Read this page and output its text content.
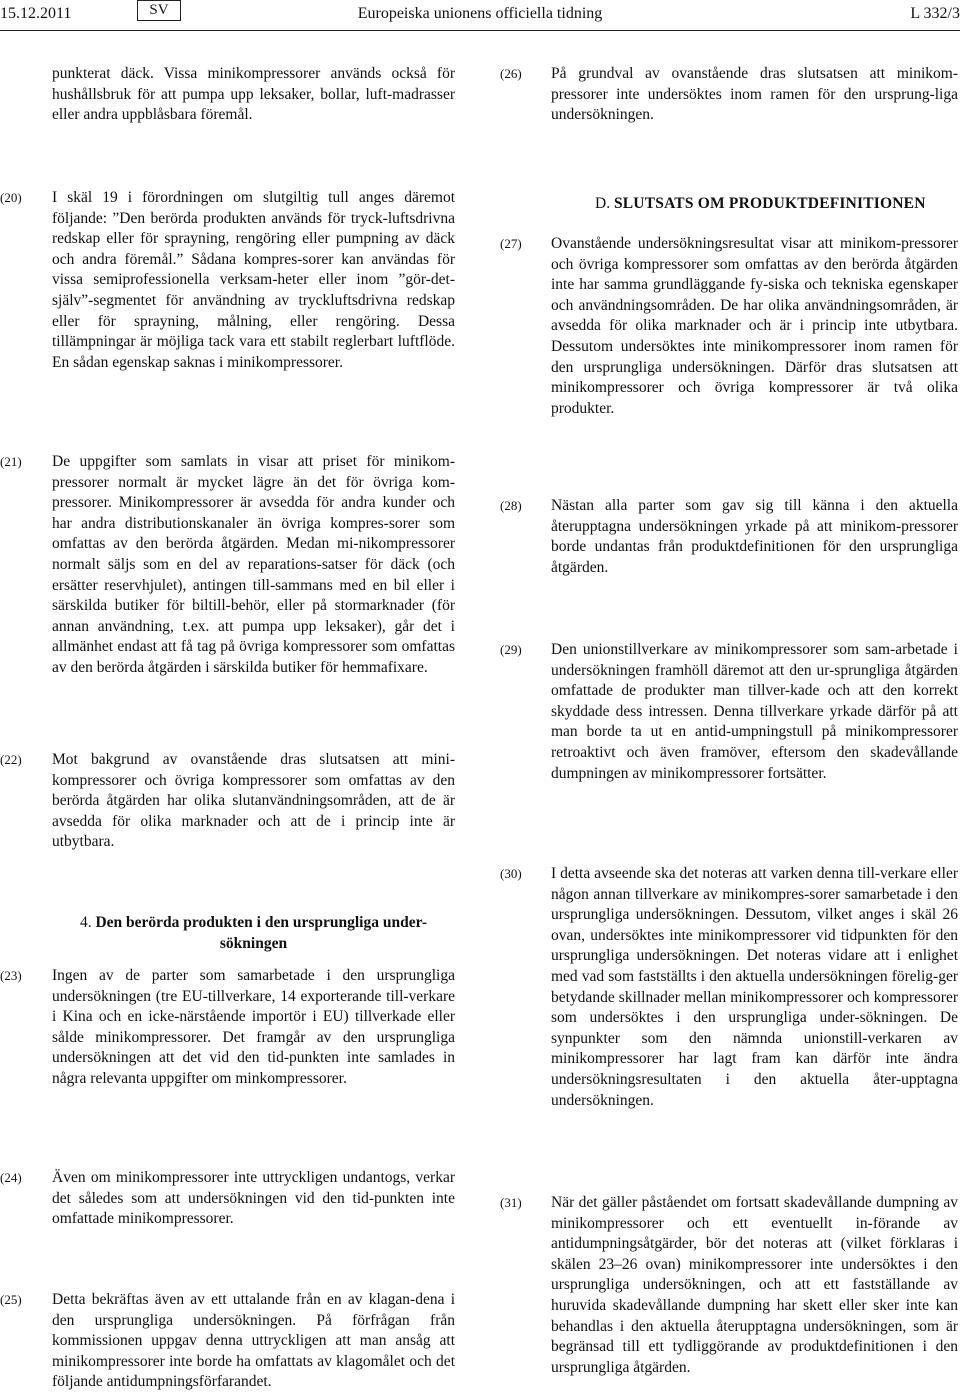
15.12.2011	SV	Europeiska unionens officiella tidning	L 332/3
punkterat däck. Vissa minikompressorer används också för hushållsbruk för att pumpa upp leksaker, bollar, luft-madrasser eller andra uppblåsbara föremål.
(20) I skäl 19 i förordningen om slutgiltig tull anges däremot följande: ”Den berörda produkten används för tryck-luftsdrivna redskap eller för sprayning, rengöring eller pumpning av däck och andra föremål.” Sådana kompres-sorer kan användas för vissa semiprofessionella verksam-heter eller inom ”gör-det-själv”-segmentet för användning av tryckluftsdrivna redskap eller för sprayning, målning, eller rengöring. Dessa tillämpningar är möjliga tack vara ett stabilt reglerbart luftflöde. En sådan egenskap saknas i minikompressorer.
(21) De uppgifter som samlats in visar att priset för minikom-pressorer normalt är mycket lägre än det för övriga kom-pressorer. Minikompressorer är avsedda för andra kunder och har andra distributionskanaler än övriga kompres-sorer som omfattas av den berörda åtgärden. Medan mi-nikompressorer normalt säljs som en del av reparations-satser för däck (och ersätter reservhjulet), antingen till-sammans med en bil eller i särskilda butiker för biltill-behör, eller på stormarknader (för annan användning, t.ex. att pumpa upp leksaker), går det i allmänhet endast att få tag på övriga kompressorer som omfattas av den berörda åtgärden i särskilda butiker för hemmafixare.
(22) Mot bakgrund av ovanstående dras slutsatsen att mini-kompressorer och övriga kompressorer som omfattas av den berörda åtgärden har olika slutanvändningsområden, att de är avsedda för olika marknader och att de i princip inte är utbytbara.
4. Den berörda produkten i den ursprungliga under-
sökningen
(23) Ingen av de parter som samarbetade i den ursprungliga undersökningen (tre EU-tillverkare, 14 exporterande till-verkare i Kina och en icke-närstående importör i EU) tillverkade eller sålde minikompressorer. Det framgår av den ursprungliga undersökningen att det vid den tid-punkten inte samlades in några relevanta uppgifter om minkompressorer.
(24) Även om minikompressorer inte uttryckligen undantogs, verkar det således som att undersökningen vid den tid-punkten inte omfattade minikompressorer.
(25) Detta bekräftas även av ett uttalande från en av klagan-dena i den ursprungliga undersökningen. På förfrågan från kommissionen uppgav denna uttryckligen att man ansåg att minikompressorer inte borde ha omfattats av klagomålet och det följande antidumpningsförfarandet.
(26) På grundval av ovanstående dras slutsatsen att minikom-pressorer inte undersöktes inom ramen för den ursprung-liga undersökningen.
D. SLUTSATS OM PRODUKTDEFINITIONEN
(27) Ovanstående undersökningsresultat visar att minikom-pressorer och övriga kompressorer som omfattas av den berörda åtgärden inte har samma grundläggande fy-siska och tekniska egenskaper och användningsområden. De har olika användningsområden, är avsedda för olika marknader och är i princip inte utbytbara. Dessutom undersöktes inte minikompressorer inom ramen för den ursprungliga undersökningen. Därför dras slutsatsen att minikompressorer och övriga kompressorer är två olika produkter.
(28) Nästan alla parter som gav sig till känna i den aktuella återupptagna undersökningen yrkade på att minikom-pressorer borde undantas från produktdefinitionen för den ursprungliga åtgärden.
(29) Den unionstillverkare av minikompressorer som sam-arbetade i undersökningen framhöll däremot att den ur-sprungliga åtgärden omfattade de produkter man tillver-kade och att den korrekt skyddade dess intressen. Denna tillverkare yrkade därför på att man borde ta ut en antid-umpningstull på minikompressorer retroaktivt och även framöver, eftersom den skadevållande dumpningen av minikompressorer fortsätter.
(30) I detta avseende ska det noteras att varken denna till-verkare eller någon annan tillverkare av minikompres-sorer samarbetade i den ursprungliga undersökningen. Dessutom, vilket anges i skäl 26 ovan, undersöktes inte minikompressorer vid tidpunkten för den ursprungliga undersökningen. Det noteras vidare att i enlighet med vad som fastställts i den aktuella undersökningen förelig-ger betydande skillnader mellan minikompressorer och kompressorer som undersöktes i den ursprungliga under-sökningen. De synpunkter som den nämnda unionstill-verkaren av minikompressorer har lagt fram kan därför inte ändra undersökningsresultaten i den aktuella åter-upptagna undersökningen.
(31) När det gäller påståendet om fortsatt skadevållande dumpning av minikompressorer och ett eventuellt in-förande av antidumpningsåtgärder, bör det noteras att (vilket förklaras i skälen 23–26 ovan) minikompressorer inte undersöktes i den ursprungliga undersökningen, och att ett fastställande av huruvida skadevållande dumpning har skett eller sker inte kan behandlas i den aktuella återupptagna undersökningen, som är begränsad till ett tydliggörande av produktdefinitionen i den ursprungliga åtgärden.
